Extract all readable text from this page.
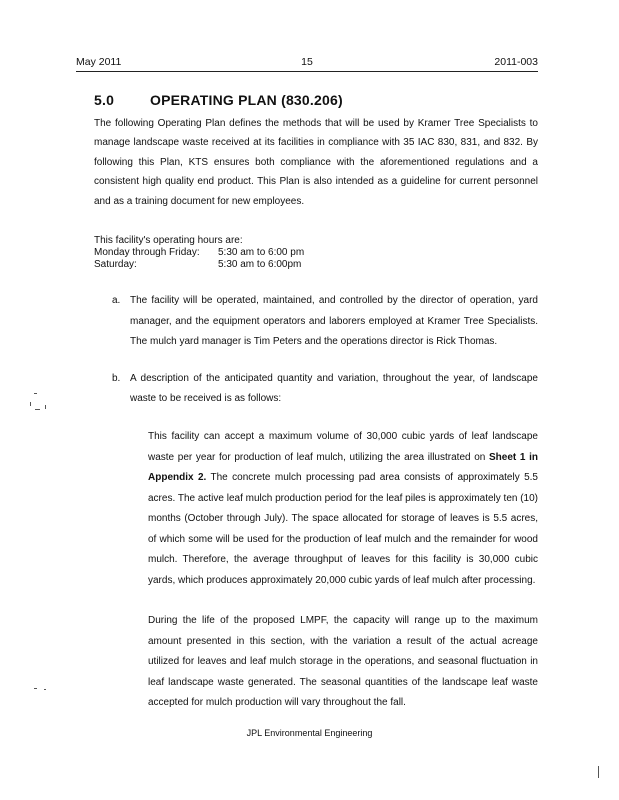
May 2011	15	2011-003
5.0	OPERATING PLAN (830.206)
The following Operating Plan defines the methods that will be used by Kramer Tree Specialists to manage landscape waste received at its facilities in compliance with 35 IAC 830, 831, and 832. By following this Plan, KTS ensures both compliance with the aforementioned regulations and a consistent high quality end product. This Plan is also intended as a guideline for current personnel and as a training document for new employees.
This facility's operating hours are:
Monday through Friday:	5:30 am to 6:00 pm
Saturday:	5:30 am to 6:00pm
a. The facility will be operated, maintained, and controlled by the director of operation, yard manager, and the equipment operators and laborers employed at Kramer Tree Specialists. The mulch yard manager is Tim Peters and the operations director is Rick Thomas.
b. A description of the anticipated quantity and variation, throughout the year, of landscape waste to be received is as follows:

This facility can accept a maximum volume of 30,000 cubic yards of leaf landscape waste per year for production of leaf mulch, utilizing the area illustrated on Sheet 1 in Appendix 2. The concrete mulch processing pad area consists of approximately 5.5 acres. The active leaf mulch production period for the leaf piles is approximately ten (10) months (October through July). The space allocated for storage of leaves is 5.5 acres, of which some will be used for the production of leaf mulch and the remainder for wood mulch. Therefore, the average throughput of leaves for this facility is 30,000 cubic yards, which produces approximately 20,000 cubic yards of leaf mulch after processing.

During the life of the proposed LMPF, the capacity will range up to the maximum amount presented in this section, with the variation a result of the actual acreage utilized for leaves and leaf mulch storage in the operations, and seasonal fluctuation in leaf landscape waste generated. The seasonal quantities of the landscape leaf waste accepted for mulch production will vary throughout the fall.

JPL Environmental Engineering
